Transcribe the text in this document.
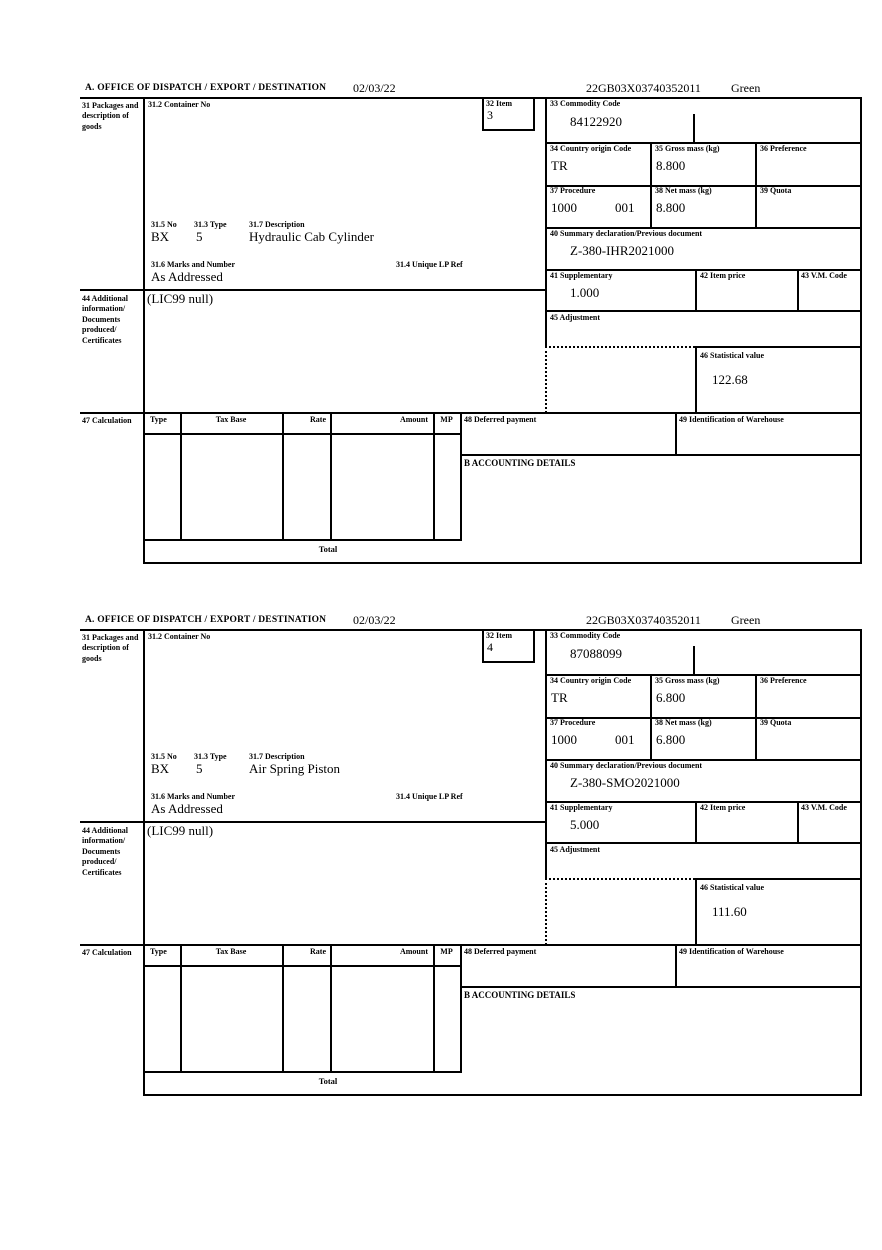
A. OFFICE OF DISPATCH / EXPORT / DESTINATION 02/03/22	22GB03X03740352011	Green
31 Packages and description of goods
44 Additional information/ Documents produced/ Certificates
47 Calculation
31.2 Container No
31.5 No 31.3 Type	31.7 Description
BX 5	Hydraulic Cab Cylinder
31.6 Marks and Number
As Addressed
31.4 Unique LP Ref
32 Item
3
33 Commodity Code
84122920
34 Country origin Code
TR
35 Gross mass (kg)
8.800
36 Preference
37 Procedure
1000	001
38 Net mass (kg)
8.800
39 Quota
40 Summary declaration/Previous document
Z-380-IHR2021000
41 Supplementary
1.000
42 Item price	43 V.M. Code
45 Adjustment
46 Statistical value
122.68
(LIC99 null)
Type	Tax Base	Rate	Amount	MP	48 Deferred payment	49 Identification of Warehouse
B ACCOUNTING DETAILS
Total
A. OFFICE OF DISPATCH / EXPORT / DESTINATION 02/03/22	22GB03X03740352011	Green
31 Packages and description of goods
44 Additional information/ Documents produced/ Certificates
47 Calculation
31.2 Container No
31.5 No 31.3 Type	31.7 Description
BX 5	Air Spring Piston
31.6 Marks and Number
As Addressed
31.4 Unique LP Ref
32 Item
4
33 Commodity Code
87088099
34 Country origin Code
TR
35 Gross mass (kg)
6.800
36 Preference
37 Procedure
1000	001
38 Net mass (kg)
6.800
39 Quota
40 Summary declaration/Previous document
Z-380-SMO2021000
41 Supplementary
5.000
42 Item price	43 V.M. Code
45 Adjustment
46 Statistical value
111.60
(LIC99 null)
Type	Tax Base	Rate	Amount	MP	48 Deferred payment	49 Identification of Warehouse
B ACCOUNTING DETAILS
Total
